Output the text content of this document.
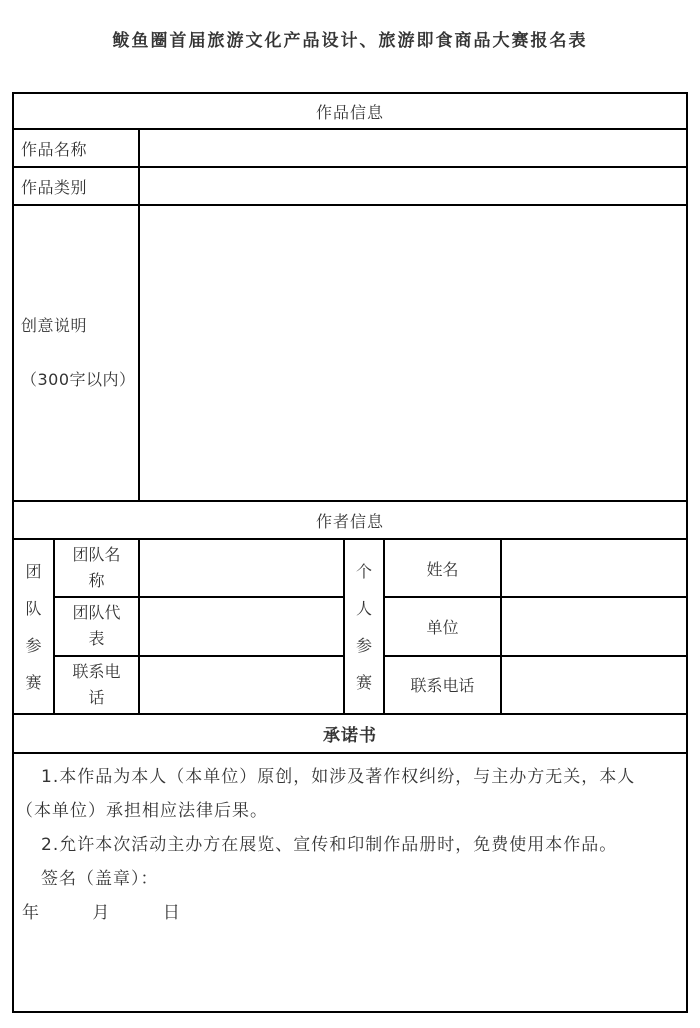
鲅鱼圈首届旅游文化产品设计、旅游即食商品大赛报名表
作品信息
作品名称
作品类别
创意说明
（300字以内）
作者信息
团队参赛
团队名称
团队代表
联系电话
个人参赛
姓名
单位
联系电话
承诺书

1.本作品为本人（本单位）原创，如涉及著作权纠纷，与主办方无关，本人

（本单位）承担相应法律后果。

2.允许本次活动主办方在展览、宣传和印制作品册时，免费使用本作品。

签名（盖章）：

年	月	日
